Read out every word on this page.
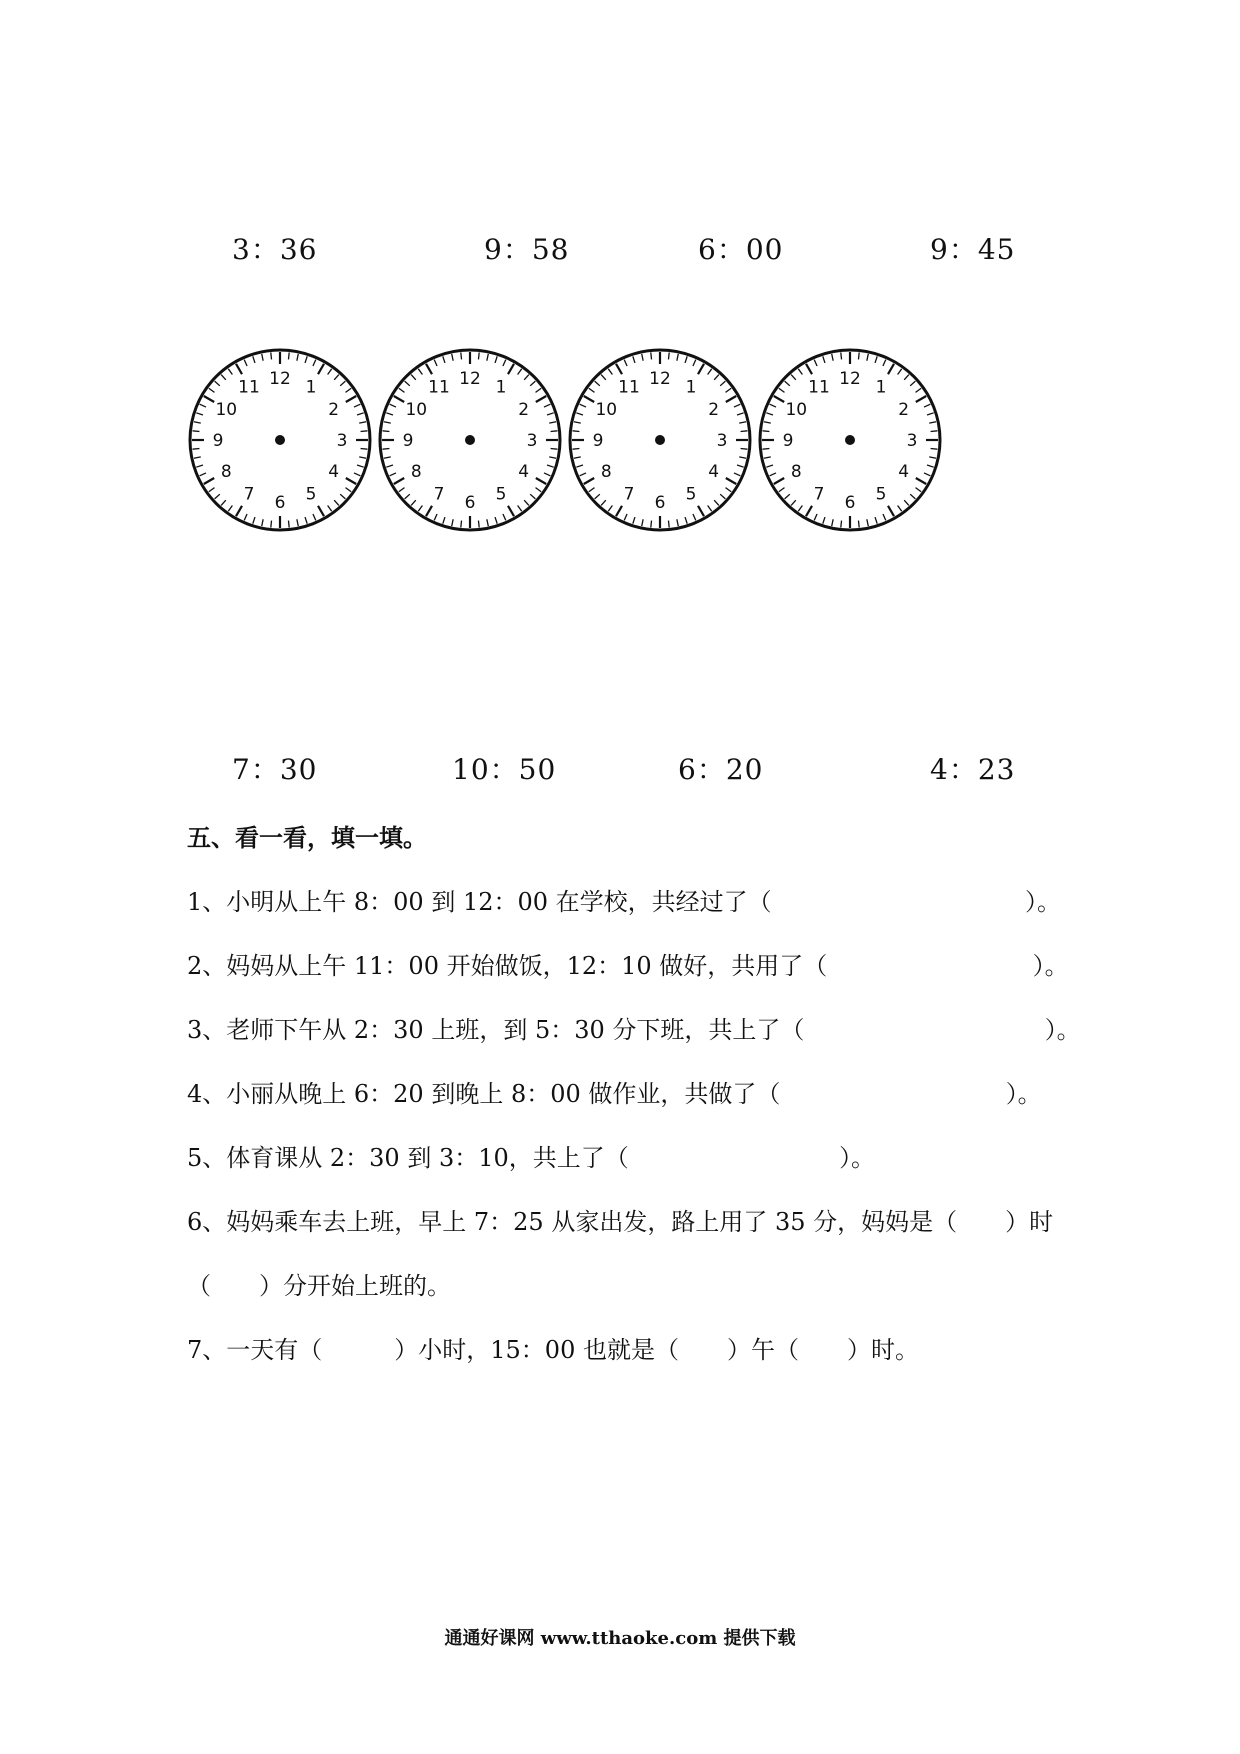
3：36	9：58	6：00	9：45
12 1
2
3
4
5
6
7
8
9
10
11	12 1
2
3
4
5
6
7
8
9
10
11	12 1
2
3
4
5
6
7
8
9
10
11	12 1
2
3
4
5
6
7
8
9
10
11
7：30	10：50	6：20	4：23
五、看一看，填一填。
1、小明从上午 8：00 到 12：00 在学校，共经过了（	）。
2、妈妈从上午 11：00 开始做饭，12：10 做好，共用了（	）。
3、老师下午从 2：30 上班，到 5：30 分下班，共上了（	）。
4、小丽从晚上 6：20 到晚上 8：00 做作业，共做了（	）。
5、体育课从 2：30 到 3：10，共上了（	）。
6、妈妈乘车去上班，早上 7：25 从家出发，路上用了 35 分，妈妈是（　　）时
（　　）分开始上班的。
7、一天有（　　　）小时，15：00 也就是（　　）午（　　）时。
通通好课网 www.tthaoke.com 提供下载
